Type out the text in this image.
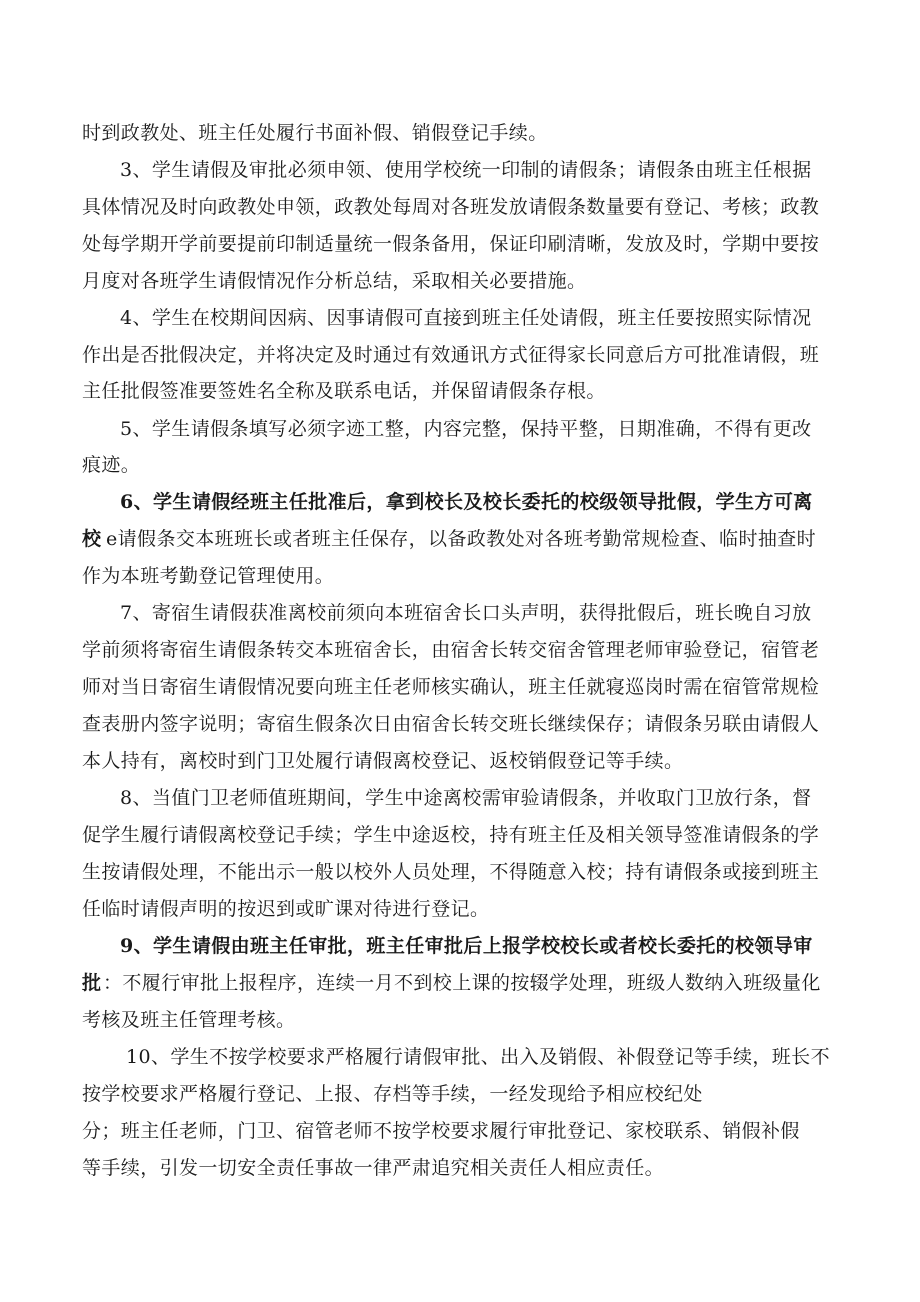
时到政教处、班主任处履行书面补假、销假登记手续。

3、学生请假及审批必须申领、使用学校统一印制的请假条；请假条由班主任根据

具体情况及时向政教处申领，政教处每周对各班发放请假条数量要有登记、考核；政教

处每学期开学前要提前印制适量统一假条备用，保证印刷清晰，发放及时，学期中要按

月度对各班学生请假情况作分析总结，采取相关必要措施。

4、学生在校期间因病、因事请假可直接到班主任处请假，班主任要按照实际情况

作出是否批假决定，并将决定及时通过有效通讯方式征得家长同意后方可批准请假，班

主任批假签准要签姓名全称及联系电话，并保留请假条存根。

5、学生请假条填写必须字迹工整，内容完整，保持平整，日期准确，不得有更改

痕迹。

6、学生请假经班主任批准后，拿到校长及校长委托的校级领导批假，学生方可离

校 e请假条交本班班长或者班主任保存，以备政教处对各班考勤常规检查、临时抽查时

作为本班考勤登记管理使用。

7、寄宿生请假获准离校前须向本班宿舍长口头声明，获得批假后，班长晚自习放

学前须将寄宿生请假条转交本班宿舍长，由宿舍长转交宿舍管理老师审验登记，宿管老

师对当日寄宿生请假情况要向班主任老师核实确认，班主任就寝巡岗时需在宿管常规检

查表册内签字说明；寄宿生假条次日由宿舍长转交班长继续保存；请假条另联由请假人

本人持有，离校时到门卫处履行请假离校登记、返校销假登记等手续。

8、当值门卫老师值班期间，学生中途离校需审验请假条，并收取门卫放行条，督

促学生履行请假离校登记手续；学生中途返校，持有班主任及相关领导签准请假条的学

生按请假处理，不能出示一般以校外人员处理，不得随意入校；持有请假条或接到班主

任临时请假声明的按迟到或旷课对待进行登记。

9、学生请假由班主任审批，班主任审批后上报学校校长或者校长委托的校领导审

批 ：不履行审批上报程序，连续一月不到校上课的按辍学处理，班级人数纳入班级量化

考核及班主任管理考核。

10、学生不按学校要求严格履行请假审批、出入及销假、补假登记等手续，班长不

按学校要求严格履行登记、上报、存档等手续，一经发现给予相应校纪处

分；班主任老师，门卫、宿管老师不按学校要求履行审批登记、家校联系、销假补假

等手续，引发一切安全责任事故一律严肃追究相关责任人相应责任。
